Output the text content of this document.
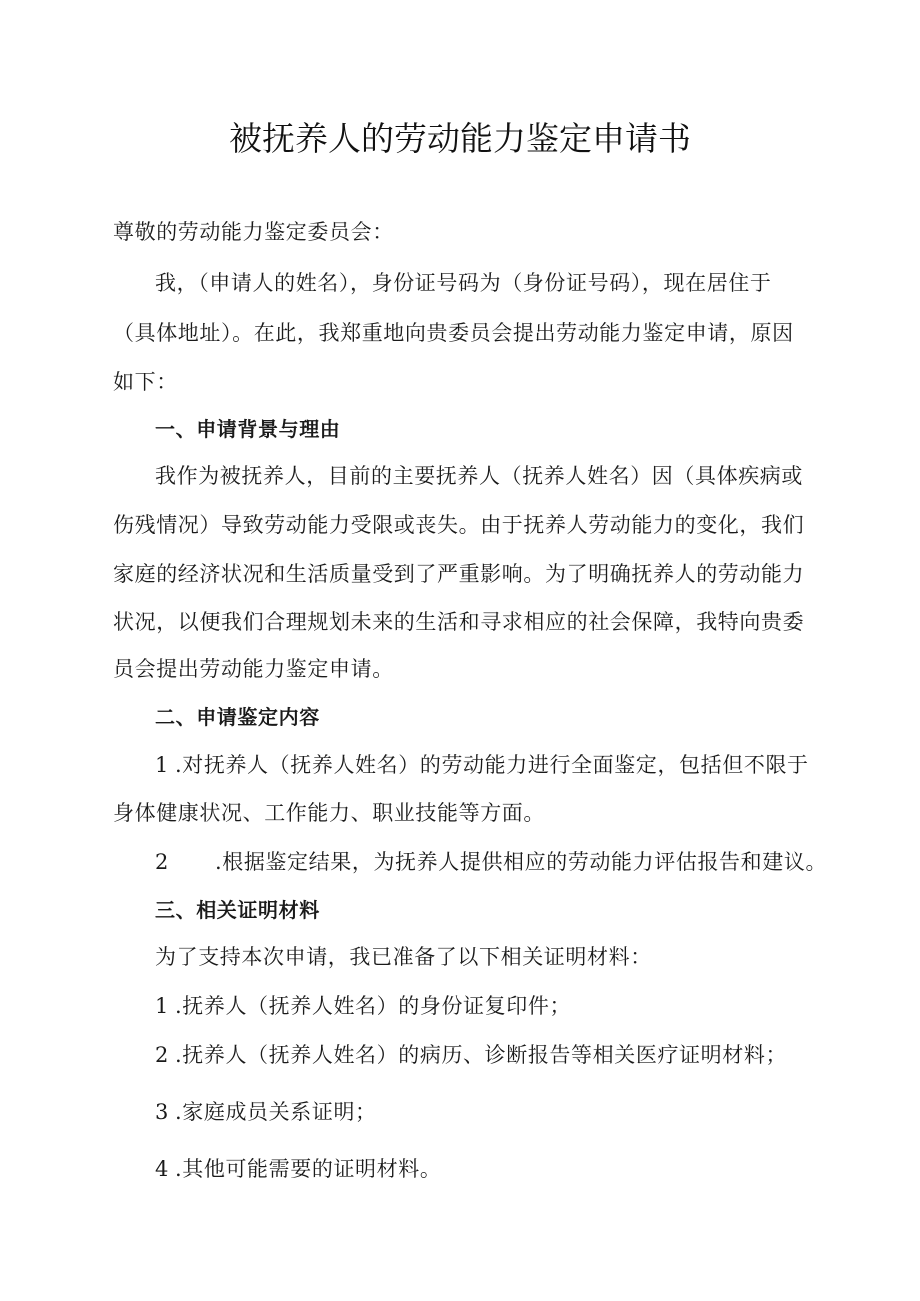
被抚养人的劳动能力鉴定申请书
尊敬的劳动能力鉴定委员会：
我，（申请人的姓名），身份证号码为（身份证号码），现在居住于
（具体地址）。在此，我郑重地向贵委员会提出劳动能力鉴定申请，原因
如下：
一、申请背景与理由
我作为被抚养人，目前的主要抚养人（抚养人姓名）因（具体疾病或
伤残情况）导致劳动能力受限或丧失。由于抚养人劳动能力的变化，我们
家庭的经济状况和生活质量受到了严重影响。为了明确抚养人的劳动能力
状况，以便我们合理规划未来的生活和寻求相应的社会保障，我特向贵委
员会提出劳动能力鉴定申请。
二、申请鉴定内容
1 .对抚养人（抚养人姓名）的劳动能力进行全面鉴定，包括但不限于
身体健康状况、工作能力、职业技能等方面。
2 .根据鉴定结果，为抚养人提供相应的劳动能力评估报告和建议。
三、相关证明材料
为了支持本次申请，我已准备了以下相关证明材料：
1 .抚养人（抚养人姓名）的身份证复印件；
2 .抚养人（抚养人姓名）的病历、诊断报告等相关医疗证明材料；
3 .家庭成员关系证明；
4 .其他可能需要的证明材料。
